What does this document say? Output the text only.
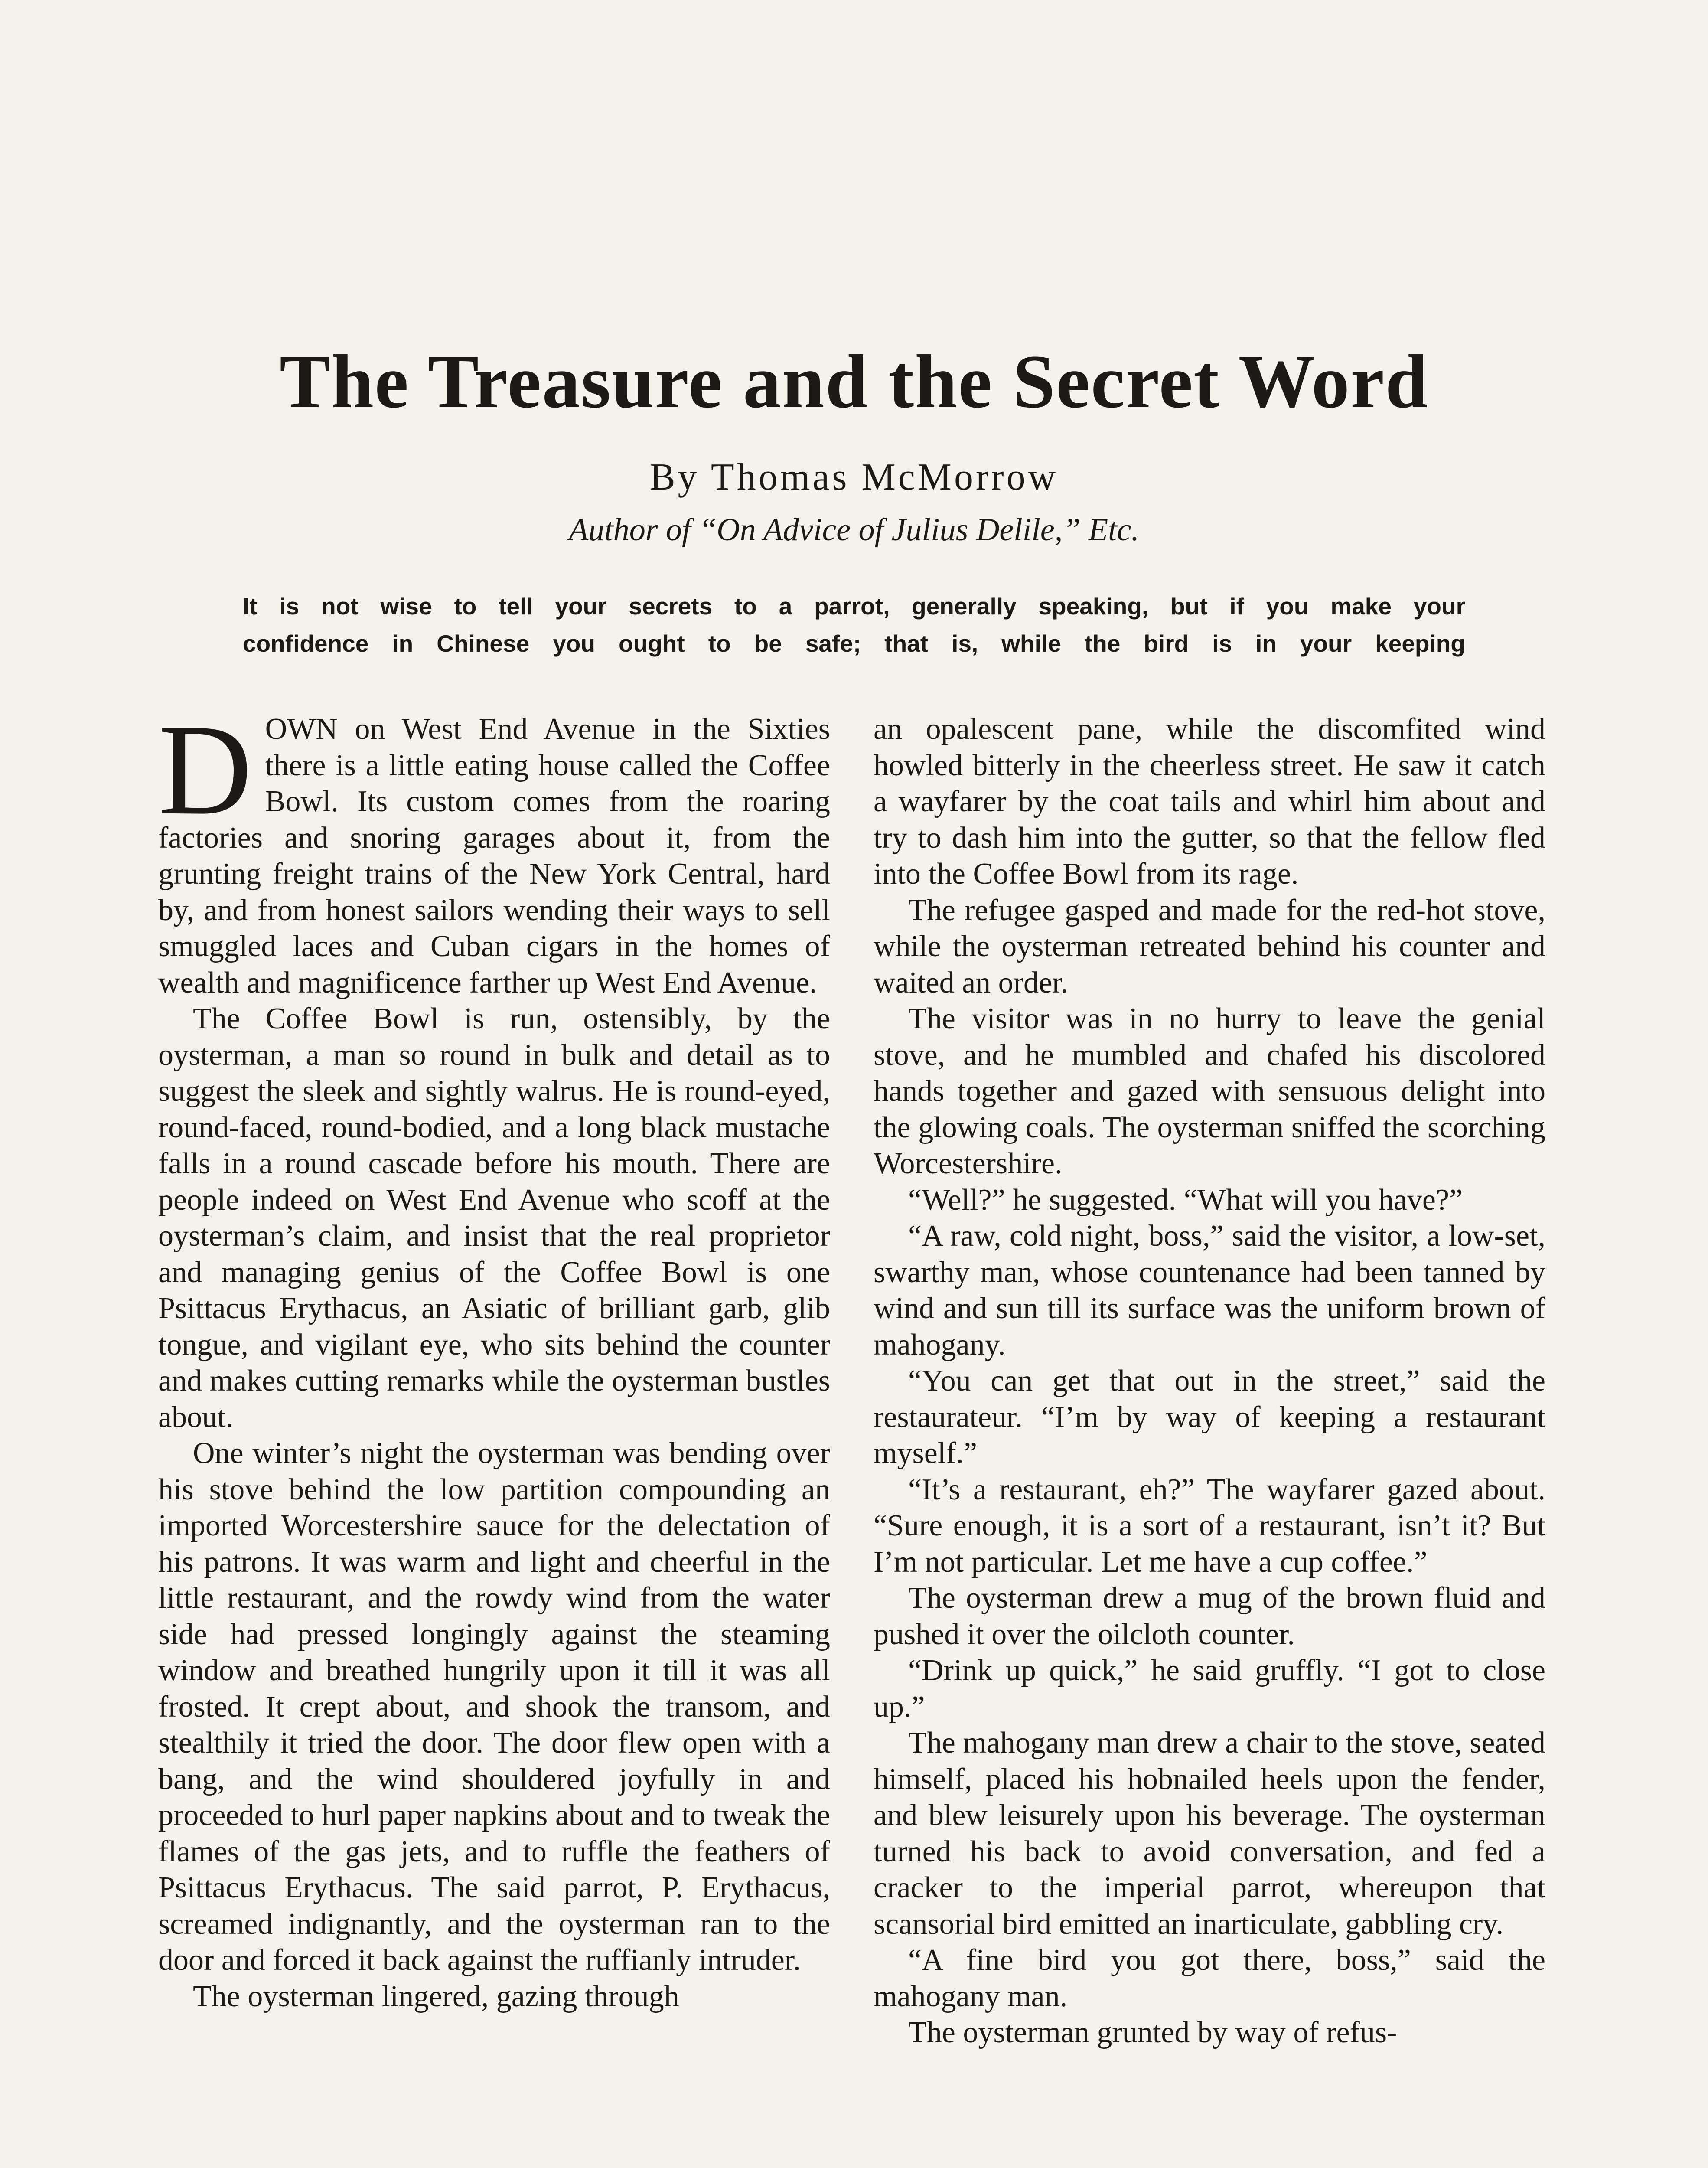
The Treasure and the Secret Word
By Thomas McMorrow
Author of “On Advice of Julius Delile,” Etc.
It is not wise to tell your secrets to a parrot, generally speaking, but if you make your
confidence in Chinese you ought to be safe; that is, while the bird is in your keeping

DOWN on West End Avenue in the Sixties there is a little eating house called the Coffee Bowl. Its custom comes from the roaring factories and snoring garages about it, from the grunting freight trains of the New York Central, hard by, and from honest sailors wending their ways to sell smuggled laces and Cuban cigars in the homes of wealth and magnificence farther up West End Avenue.

The Coffee Bowl is run, ostensibly, by the oysterman, a man so round in bulk and detail as to suggest the sleek and sightly walrus. He is round-eyed, round-faced, round-bodied, and a long black mustache falls in a round cascade before his mouth. There are people indeed on West End Avenue who scoff at the oysterman’s claim, and insist that the real proprietor and managing genius of the Coffee Bowl is one Psittacus Erythacus, an Asiatic of brilliant garb, glib tongue, and vigilant eye, who sits behind the counter and makes cutting remarks while the oysterman bustles about.

One winter’s night the oysterman was bending over his stove behind the low partition compounding an imported Worcestershire sauce for the delectation of his patrons. It was warm and light and cheerful in the little restaurant, and the rowdy wind from the water side had pressed longingly against the steaming window and breathed hungrily upon it till it was all frosted. It crept about, and shook the transom, and stealthily it tried the door. The door flew open with a bang, and the wind shouldered joyfully in and proceeded to hurl paper napkins about and to tweak the flames of the gas jets, and to ruffle the feathers of Psittacus Erythacus. The said parrot, P. Erythacus, screamed indignantly, and the oysterman ran to the door and forced it back against the ruffianly intruder.

The oysterman lingered, gazing through

an opalescent pane, while the discomfited wind howled bitterly in the cheerless street. He saw it catch a wayfarer by the coat tails and whirl him about and try to dash him into the gutter, so that the fellow fled into the Coffee Bowl from its rage.

The refugee gasped and made for the red-hot stove, while the oysterman retreated behind his counter and waited an order.

The visitor was in no hurry to leave the genial stove, and he mumbled and chafed his discolored hands together and gazed with sensuous delight into the glowing coals. The oysterman sniffed the scorching Worcestershire.

“Well?” he suggested. “What will you have?”

“A raw, cold night, boss,” said the visitor, a low-set, swarthy man, whose countenance had been tanned by wind and sun till its surface was the uniform brown of mahogany.

“You can get that out in the street,” said the restaurateur. “I’m by way of keeping a restaurant myself.”

“It’s a restaurant, eh?” The wayfarer gazed about. “Sure enough, it is a sort of a restaurant, isn’t it? But I’m not particular. Let me have a cup coffee.”

The oysterman drew a mug of the brown fluid and pushed it over the oilcloth counter.

“Drink up quick,” he said gruffly. “I got to close up.”

The mahogany man drew a chair to the stove, seated himself, placed his hobnailed heels upon the fender, and blew leisurely upon his beverage. The oysterman turned his back to avoid conversation, and fed a cracker to the imperial parrot, whereupon that scansorial bird emitted an inarticulate, gabbling cry.

“A fine bird you got there, boss,” said the mahogany man.

The oysterman grunted by way of refus-
